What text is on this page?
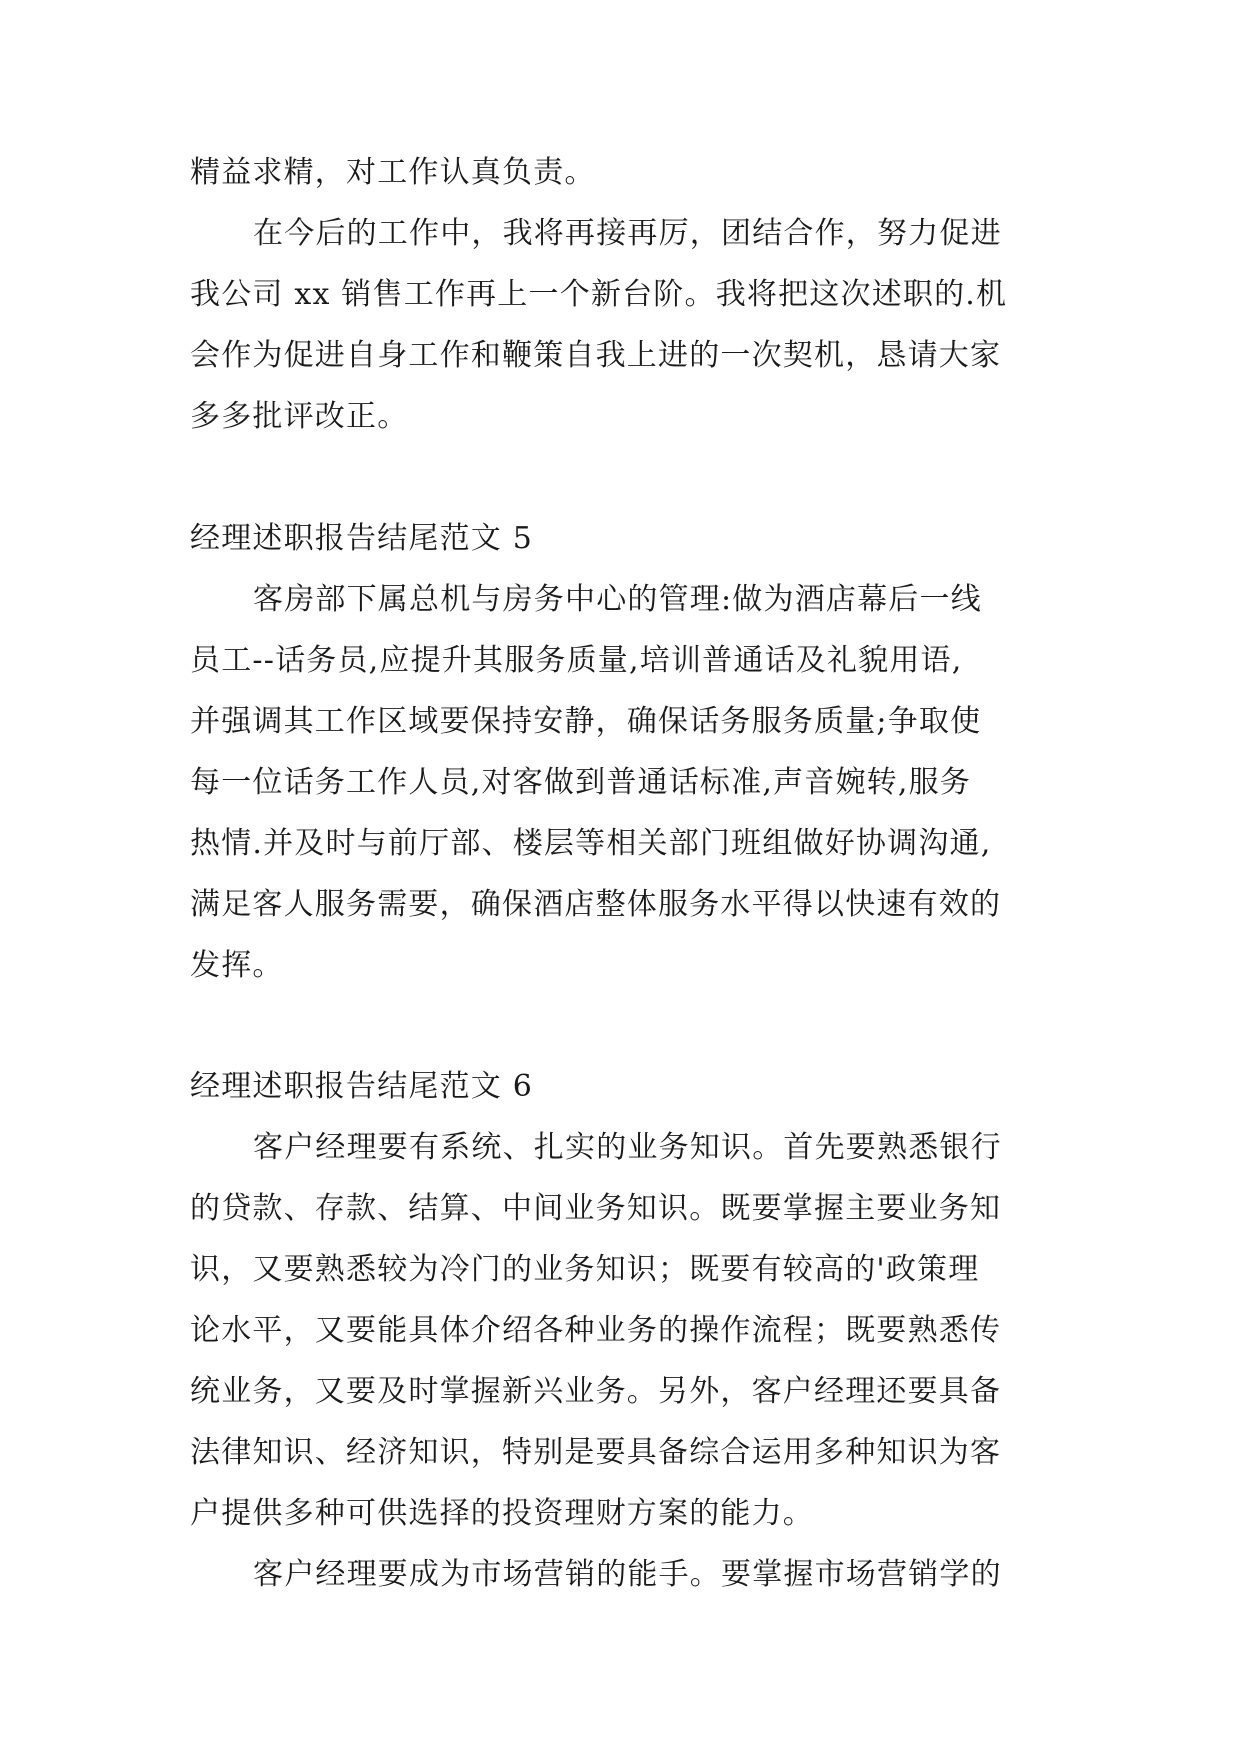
精益求精，对工作认真负责。
在今后的工作中，我将再接再厉，团结合作，努力促进
我公司 xx 销售工作再上一个新台阶。我将把这次述职的.机
会作为促进自身工作和鞭策自我上进的一次契机，恳请大家
多多批评改正。
经理述职报告结尾范文 5
客房部下属总机与房务中心的管理:做为酒店幕后一线
员工--话务员,应提升其服务质量,培训普通话及礼貌用语,
并强调其工作区域要保持安静，确保话务服务质量;争取使
每一位话务工作人员,对客做到普通话标准,声音婉转,服务
热情.并及时与前厅部、楼层等相关部门班组做好协调沟通,
满足客人服务需要，确保酒店整体服务水平得以快速有效的
发挥。
经理述职报告结尾范文 6
客户经理要有系统、扎实的业务知识。首先要熟悉银行
的贷款、存款、结算、中间业务知识。既要掌握主要业务知
识，又要熟悉较为冷门的业务知识；既要有较高的'政策理
论水平，又要能具体介绍各种业务的操作流程；既要熟悉传
统业务，又要及时掌握新兴业务。另外，客户经理还要具备
法律知识、经济知识，特别是要具备综合运用多种知识为客
户提供多种可供选择的投资理财方案的能力。
客户经理要成为市场营销的能手。要掌握市场营销学的
